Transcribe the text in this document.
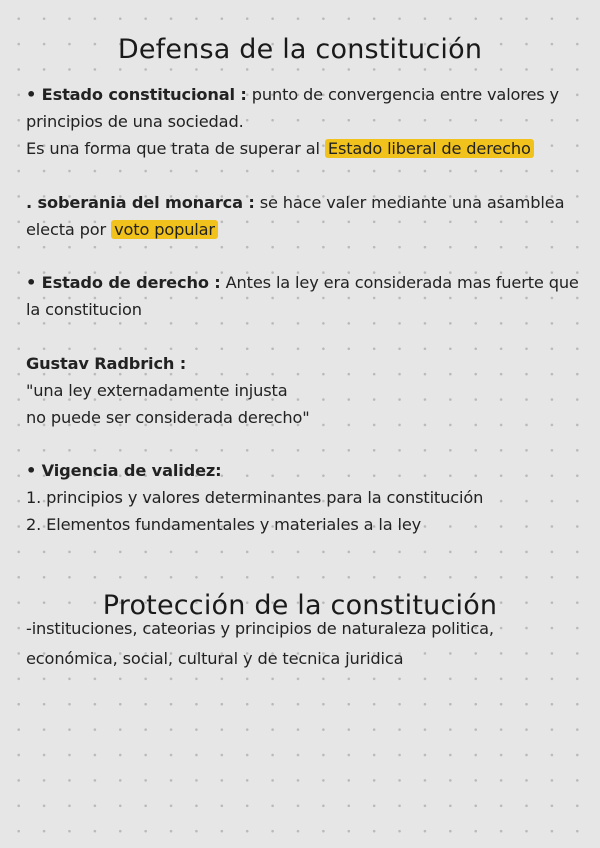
Defensa de la constitución
• Estado constitucional : punto de convergencia entre valores y
principios de una sociedad.
Es una forma que trata de superar al Estado liberal de derecho
. soberania del monarca : se hace valer mediante una asamblea
electa por voto popular
• Estado de derecho : Antes la ley era considerada mas fuerte que
la constitucion
Gustav Radbrich :
"una ley externadamente injusta
no puede ser considerada derecho"
• Vigencia de validez:
1. principios y valores determinantes para la constitución
2. Elementos fundamentales y materiales a la ley
Protección de la constitución
-instituciones, cateorias y principios de naturaleza politica,
económica, social, cultural y de tecnica juridica
